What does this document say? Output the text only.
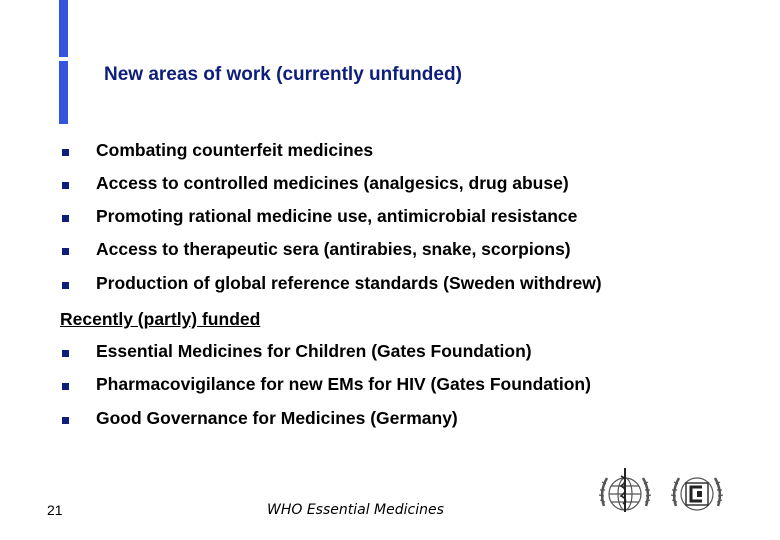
New areas of work (currently unfunded)
Combating counterfeit medicines
Access to controlled medicines (analgesics, drug abuse)
Promoting rational medicine use, antimicrobial resistance
Access to therapeutic sera (antirabies, snake, scorpions)
Production of global reference standards (Sweden withdrew)
Recently (partly) funded
Essential Medicines for Children (Gates Foundation)
Pharmacovigilance for new EMs for HIV (Gates Foundation)
Good Governance for Medicines (Germany)
21	WHO Essential Medicines
